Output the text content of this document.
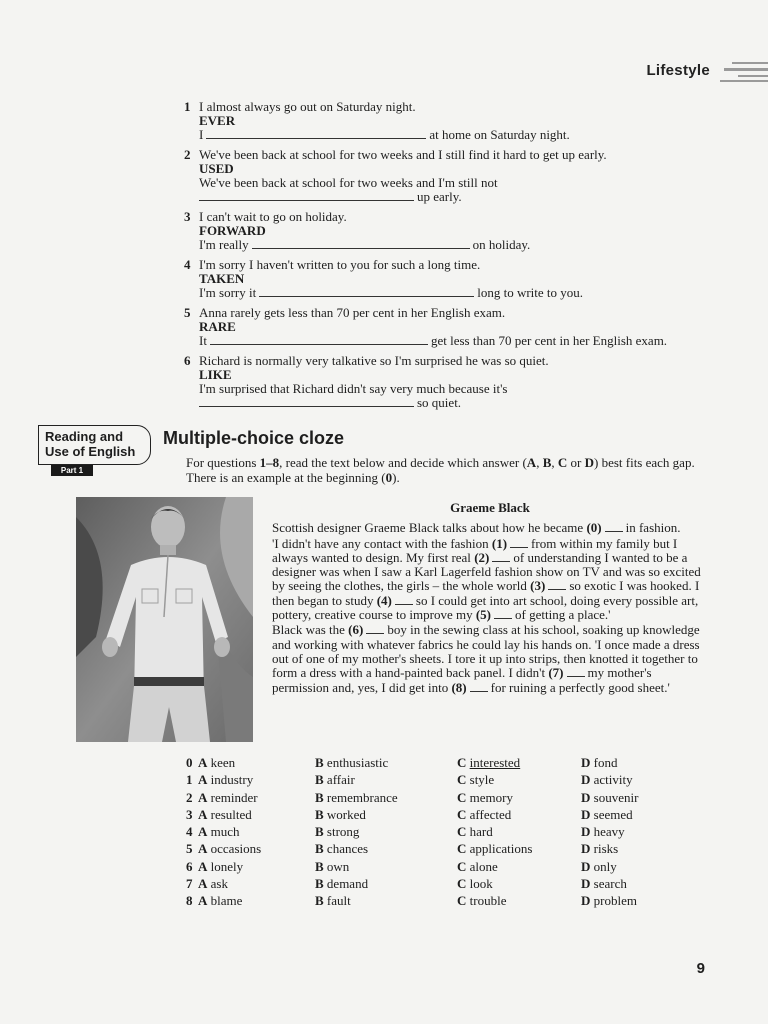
Lifestyle
1 I almost always go out on Saturday night.
EVER
I	at home on Saturday night.
2 We've been back at school for two weeks and I still find it hard to get up early.
USED
We've been back at school for two weeks and I'm still not
up early.
3 I can't wait to go on holiday.
FORWARD
I'm really	on holiday.
4 I'm sorry I haven't written to you for such a long time.
TAKEN
I'm sorry it	long to write to you.
5 Anna rarely gets less than 70 per cent in her English exam.
RARE
It	get less than 70 per cent in her English exam.
6 Richard is normally very talkative so I'm surprised he was so quiet.
LIKE
I'm surprised that Richard didn't say very much because it's
so quiet.
Reading and
Use of English
Part 1
Multiple-choice cloze
For questions 1–8, read the text below and decide which answer (A, B, C or D) best fits each gap. There is an example at the beginning (0).
Graeme Black

Scottish designer Graeme Black talks about how he became (0) in fashion.

'I didn't have any contact with the fashion (1) from within my family but I always wanted to design. My first real (2) of understanding I wanted to be a designer was when I saw a Karl Lagerfeld fashion show on TV and was so excited by seeing the clothes, the girls – the whole world (3) so exotic I was hooked. I then began to study (4) so I could get into art school, doing every possible art, pottery, creative course to improve my (5) of getting a place.'

Black was the (6) boy in the sewing class at his school, soaking up knowledge and working with whatever fabrics he could lay his hands on. 'I once made a dress out of one of my mother's sheets. I tore it up into strips, then knotted it together to form a dress with a hand-painted back panel. I didn't (7) my mother's permission and, yes, I did get into (8) for ruining a perfectly good sheet.'

0 A keen	B enthusiastic	C interested	D fond
1 A industry	B affair	C style	D activity
2 A reminder	B remembrance	C memory	D souvenir
3 A resulted	B worked	C affected	D seemed
4 A much	B strong	C hard	D heavy
5 A occasions	B chances	C applications	D risks
6 A lonely	B own	C alone	D only
7 A ask	B demand	C look	D search
8 A blame	B fault	C trouble	D problem
9
